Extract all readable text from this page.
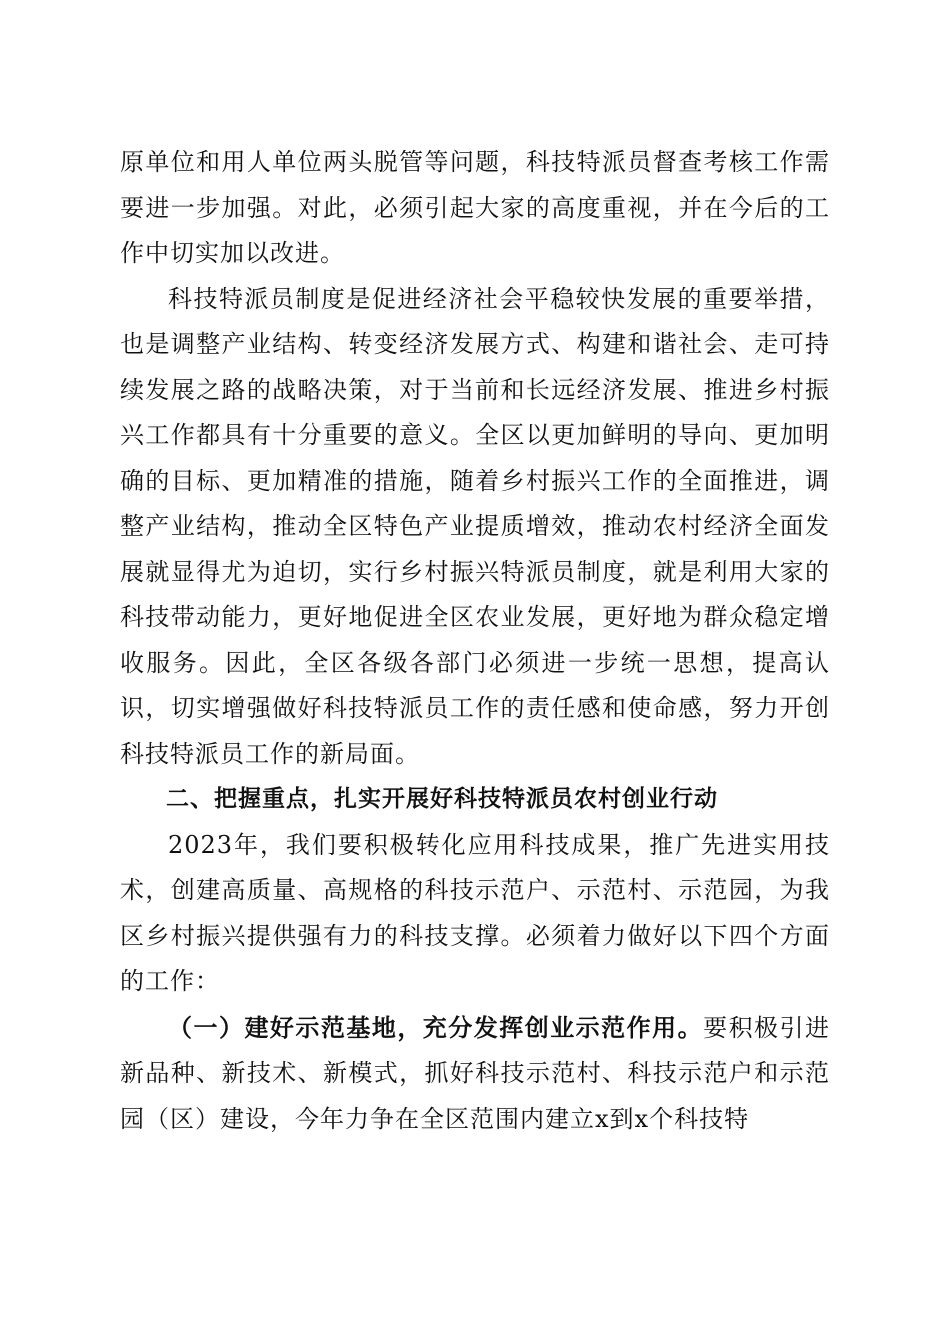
原单位和用人单位两头脱管等问题，科技特派员督查考核工作需要进一步加强。对此，必须引起大家的高度重视，并在今后的工作中切实加以改进。

科技特派员制度是促进经济社会平稳较快发展的重要举措，也是调整产业结构、转变经济发展方式、构建和谐社会、走可持续发展之路的战略决策，对于当前和长远经济发展、推进乡村振兴工作都具有十分重要的意义。全区以更加鲜明的导向、更加明确的目标、更加精准的措施，随着乡村振兴工作的全面推进，调整产业结构，推动全区特色产业提质增效，推动农村经济全面发展就显得尤为迫切，实行乡村振兴特派员制度，就是利用大家的科技带动能力，更好地促进全区农业发展，更好地为群众稳定增收服务。因此，全区各级各部门必须进一步统一思想，提高认识，切实增强做好科技特派员工作的责任感和使命感，努力开创科技特派员工作的新局面。

二、把握重点，扎实开展好科技特派员农村创业行动

2023年，我们要积极转化应用科技成果，推广先进实用技术，创建高质量、高规格的科技示范户、示范村、示范园，为我区乡村振兴提供强有力的科技支撑。必须着力做好以下四个方面的工作：

（一）建好示范基地，充分发挥创业示范作用。要积极引进新品种、新技术、新模式，抓好科技示范村、科技示范户和示范园（区）建设，今年力争在全区范围内建立x到x个科技特
